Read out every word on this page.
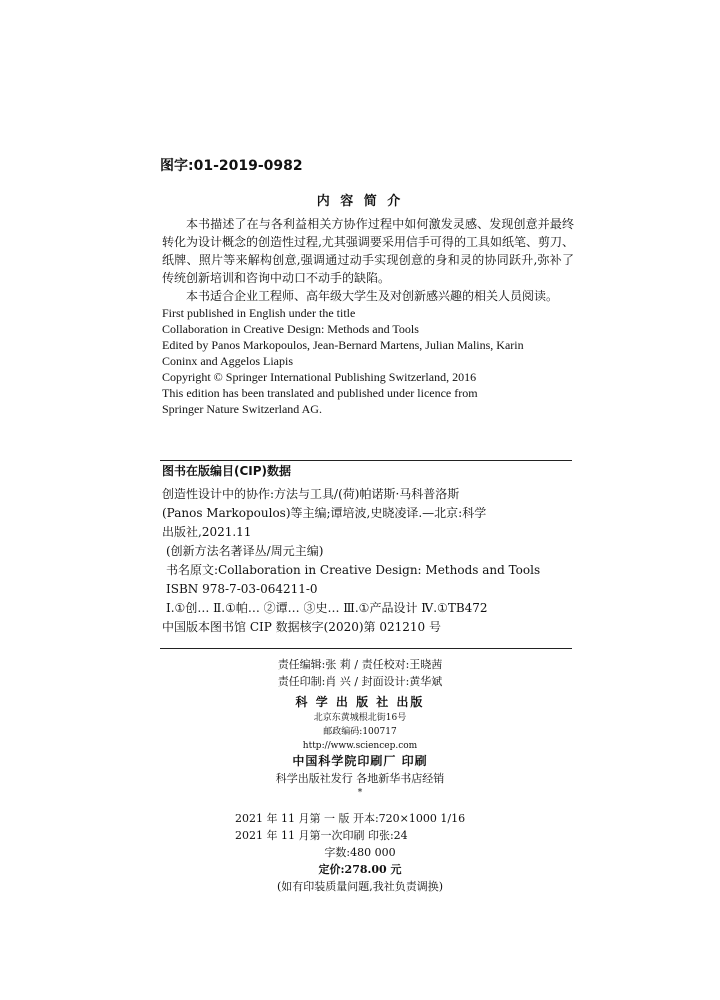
图字:01-2019-0982
内 容 简 介

本书描述了在与各利益相关方协作过程中如何激发灵感、发现创意并最终转化为设计概念的创造性过程,尤其强调要采用信手可得的工具如纸笔、剪刀、纸牌、照片等来解构创意,强调通过动手实现创意的身和灵的协同跃升,弥补了传统创新培训和咨询中动口不动手的缺陷。

本书适合企业工程师、高年级大学生及对创新感兴趣的相关人员阅读。

First published in English under the title
Collaboration in Creative Design: Methods and Tools
Edited by Panos Markopoulos, Jean-Bernard Martens, Julian Malins, Karin
Coninx and Aggelos Liapis
Copyright © Springer International Publishing Switzerland, 2016
This edition has been translated and published under licence from
Springer Nature Switzerland AG.
图书在版编目(CIP)数据
创造性设计中的协作:方法与工具/(荷)帕诺斯·马科普洛斯
(Panos Markopoulos)等主编;谭培波,史晓凌译.—北京:科学
出版社,2021.11
(创新方法名著译丛/周元主编)
书名原文:Collaboration in Creative Design: Methods and Tools
ISBN 978-7-03-064211-0
Ⅰ.①创… Ⅱ.①帕… ②谭… ③史… Ⅲ.①产品设计 Ⅳ.①TB472
中国版本图书馆 CIP 数据核字(2020)第 021210 号
责任编辑:张 莉 / 责任校对:王晓茜
责任印制:肖 兴 / 封面设计:黄华斌
科 学 出 版 社 出版
北京东黄城根北街16号
邮政编码:100717
http://www.sciencep.com
中国科学院印刷厂 印刷
科学出版社发行 各地新华书店经销
*
2021 年 11 月第 一 版 开本:720×1000 1/16
2021 年 11 月第一次印刷 印张:24
字数:480 000
定价:278.00 元
(如有印装质量问题,我社负责调换)
